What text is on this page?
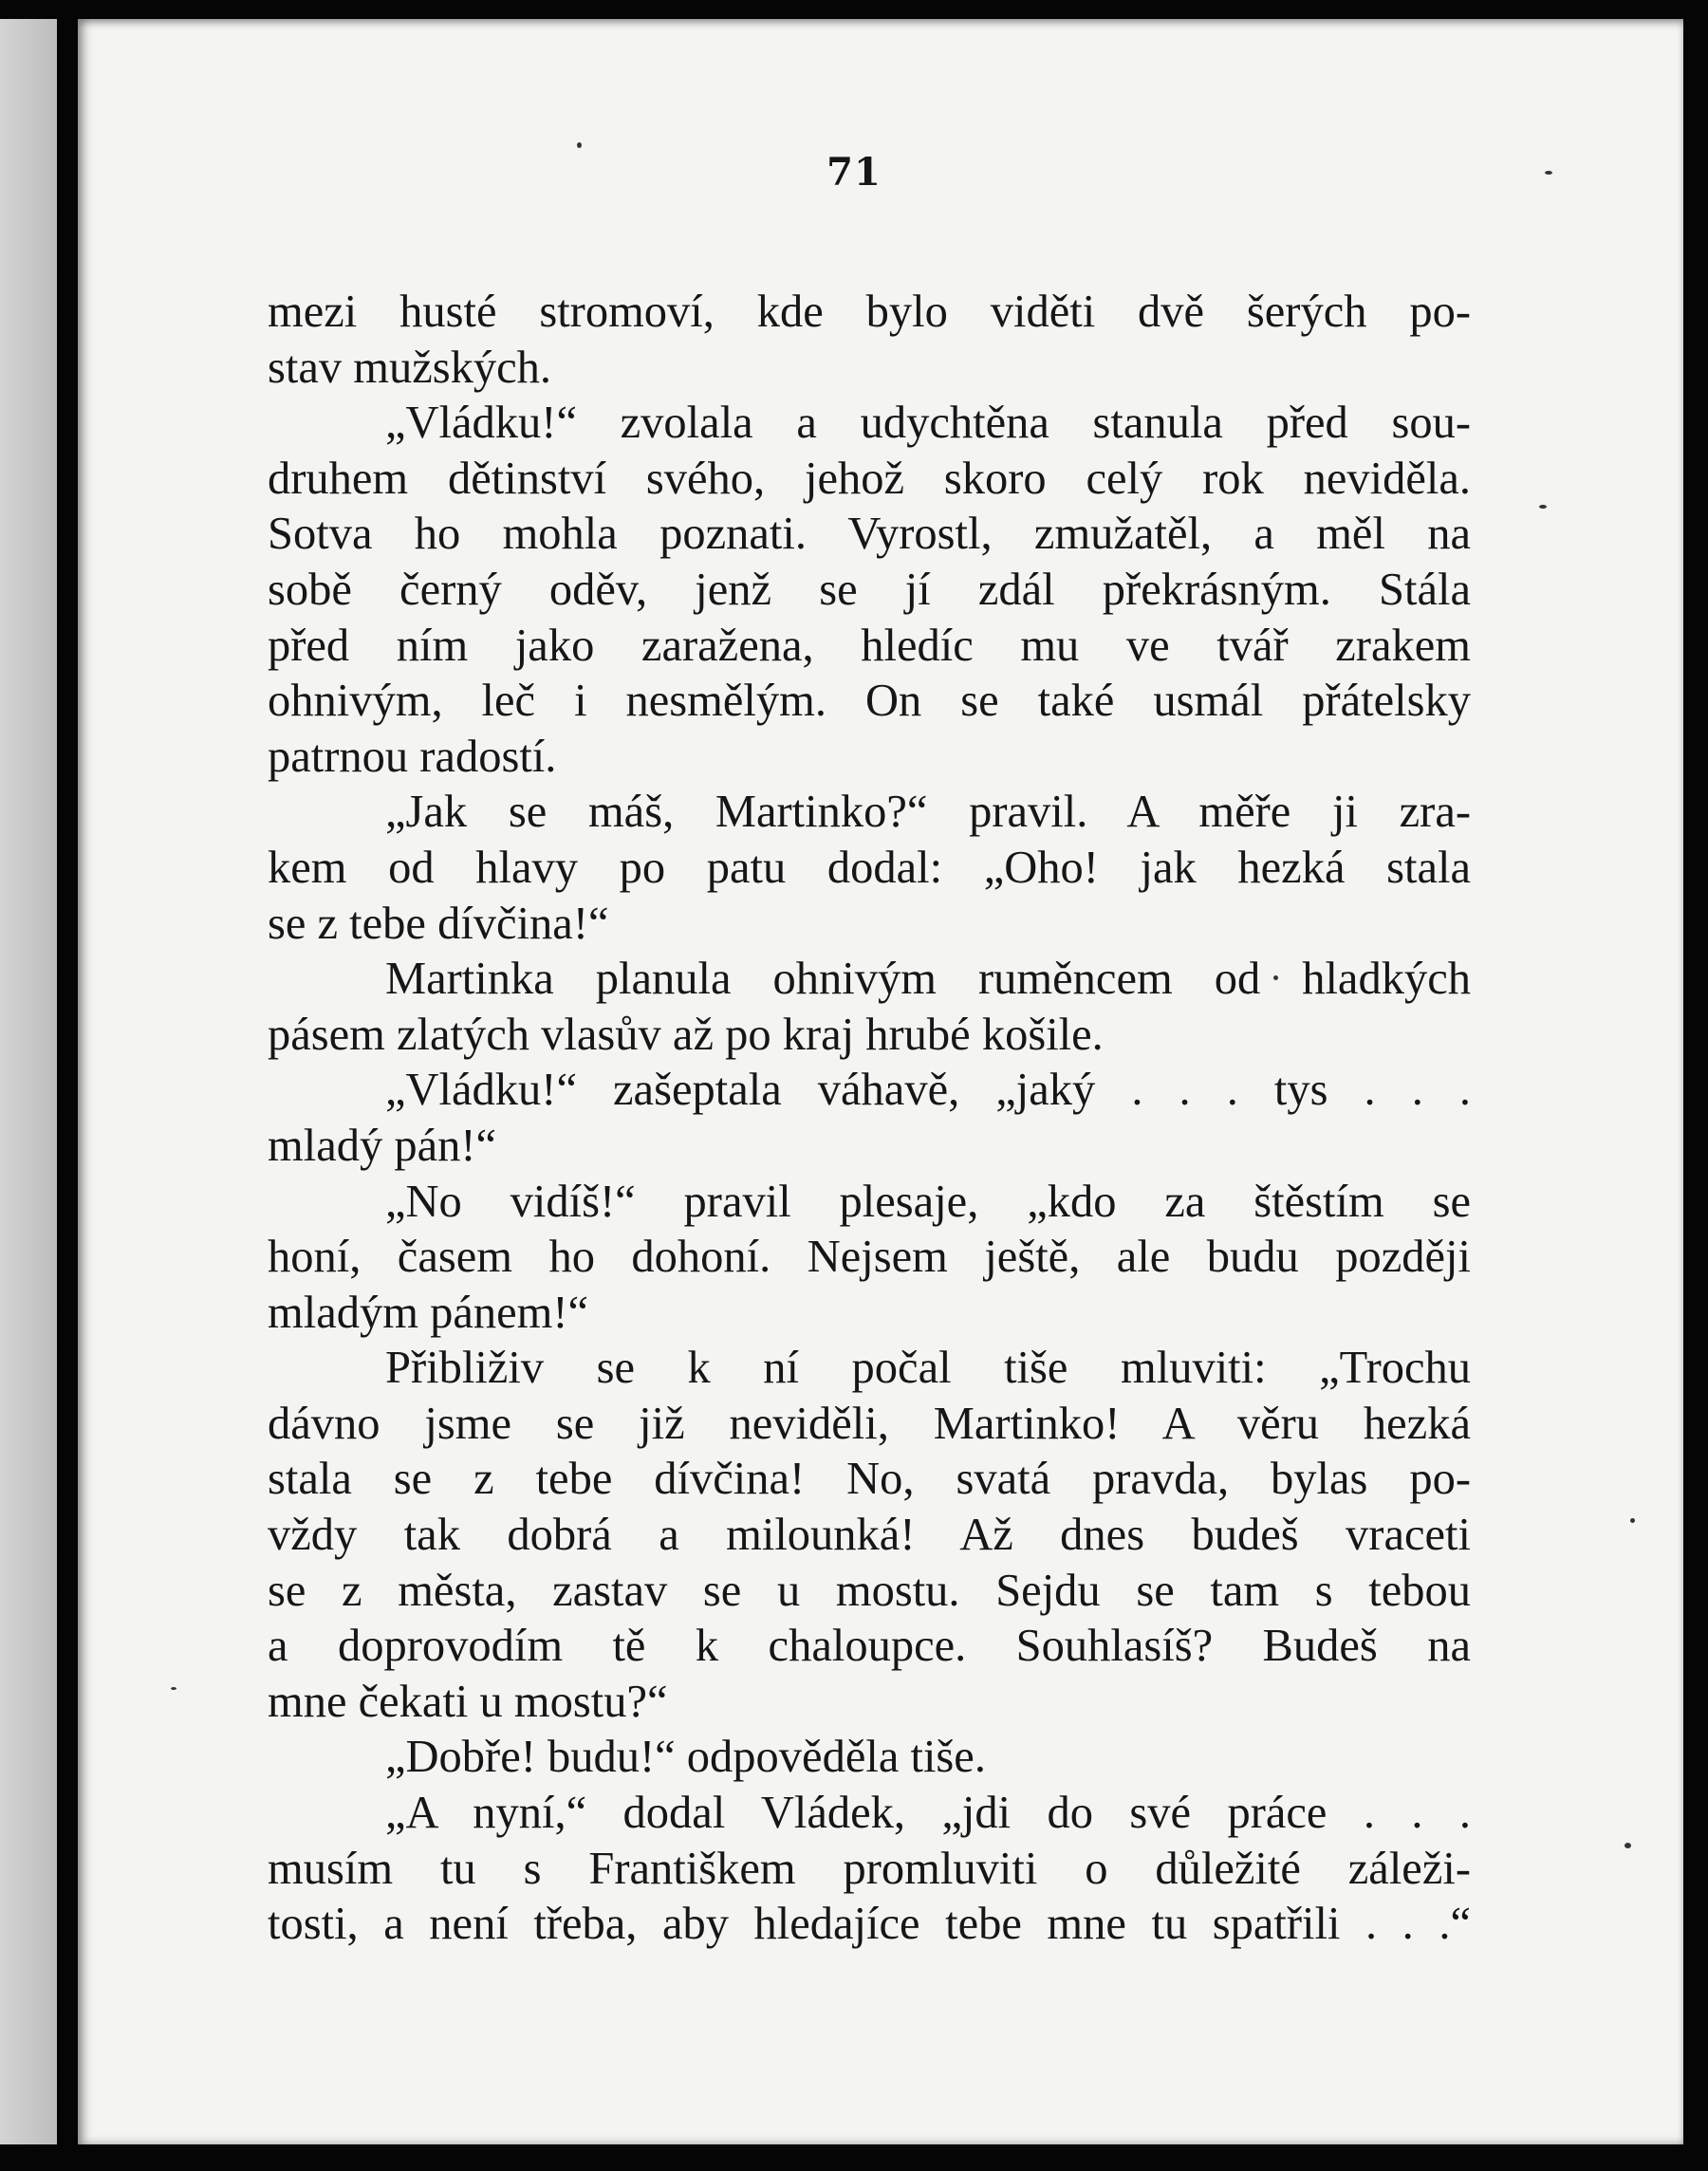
71
mezi husté stromoví, kde bylo viděti dvě šerých po-
stav mužských.
„Vládku!“ zvolala a udychtěna stanula před sou-
druhem dětinství svého, jehož skoro celý rok neviděla.
Sotva ho mohla poznati. Vyrostl, zmužatěl, a měl na
sobě černý oděv, jenž se jí zdál překrásným. Stála
před ním jako zaražena, hledíc mu ve tvář zrakem
ohnivým, leč i nesmělým. On se také usmál přátelsky
patrnou radostí.
„Jak se máš, Martinko?“ pravil. A měře ji zra-
kem od hlavy po patu dodal: „Oho! jak hezká stala
se z tebe dívčina!“
Martinka planula ohnivým ruměncem od hladkých
pásem zlatých vlasův až po kraj hrubé košile.
„Vládku!“ zašeptala váhavě, „jaký . . . tys . . .
mladý pán!“
„No vidíš!“ pravil plesaje, „kdo za štěstím se
honí, časem ho dohoní. Nejsem ještě, ale budu později
mladým pánem!“
Přibliživ se k ní počal tiše mluviti: „Trochu
dávno jsme se již neviděli, Martinko! A věru hezká
stala se z tebe dívčina! No, svatá pravda, bylas po-
vždy tak dobrá a milounká! Až dnes budeš vraceti
se z města, zastav se u mostu. Sejdu se tam s tebou
a doprovodím tě k chaloupce. Souhlasíš? Budeš na
mne čekati u mostu?“
„Dobře! budu!“ odpověděla tiše.
„A nyní,“ dodal Vládek, „jdi do své práce . . .
musím tu s Františkem promluviti o důležité záleži-
tosti, a není třeba, aby hledajíce tebe mne tu spatřili . . .“
